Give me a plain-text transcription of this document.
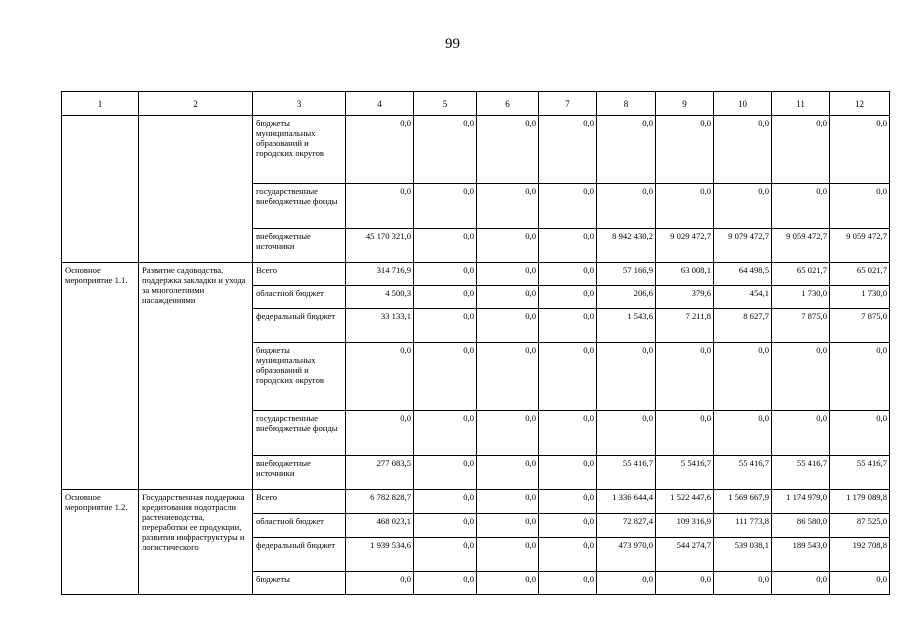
99
1	2	3	4	5	6	7	8	9	10	11	12
		бюджеты муниципальных образований и городских округов	0,0	0,0	0,0	0,0	0,0	0,0	0,0	0,0	0,0
		государственные внебюджетные фонды	0,0	0,0	0,0	0,0	0,0	0,0	0,0	0,0	0,0
		внебюджетные источники	45 170 321,0	0,0	0,0	0,0	8 942 430,2	9 029 472,7	9 079 472,7	9 059 472,7	9 059 472,7
Основное мероприятие 1.1.	Развитие садоводства, поддержка закладки и ухода за многолетними насаждениями	Всего	314 716,9	0,0	0,0	0,0	57 166,9	63 008,1	64 498,5	65 021,7	65 021,7
		областной бюджет	4 500,3	0,0	0,0	0,0	206,6	379,6	454,1	1 730,0	1 730,0
		федеральный бюджет	33 133,1	0,0	0,0	0,0	1 543,6	7 211,8	8 627,7	7 875,0	7 875,0
		бюджеты муниципальных образований и городских округов	0,0	0,0	0,0	0,0	0,0	0,0	0,0	0,0	0,0
		государственные внебюджетные фонды	0,0	0,0	0,0	0,0	0,0	0,0	0,0	0,0	0,0
		внебюджетные источники	277 083,5	0,0	0,0	0,0	55 416,7	5 5416,7	55 416,7	55 416,7	55 416,7
Основное мероприятие 1.2.	Государственная поддержка кредитования подотрасли растениеводства, переработки ее продукции, развития инфраструктуры и логистического	Всего	6 782 828,7	0,0	0,0	0,0	1 336 644,4	1 522 447,6	1 569 667,9	1 174 979,0	1 179 089,8
		областной бюджет	468 023,1	0,0	0,0	0,0	72 827,4	109 316,9	111 773,8	86 580,0	87 525,0
		федеральный бюджет	1 939 534,6	0,0	0,0	0,0	473 970,0	544 274,7	539 038,1	189 543,0	192 708,8
		бюджеты	0,0	0,0	0,0	0,0	0,0	0,0	0,0	0,0	0,0
